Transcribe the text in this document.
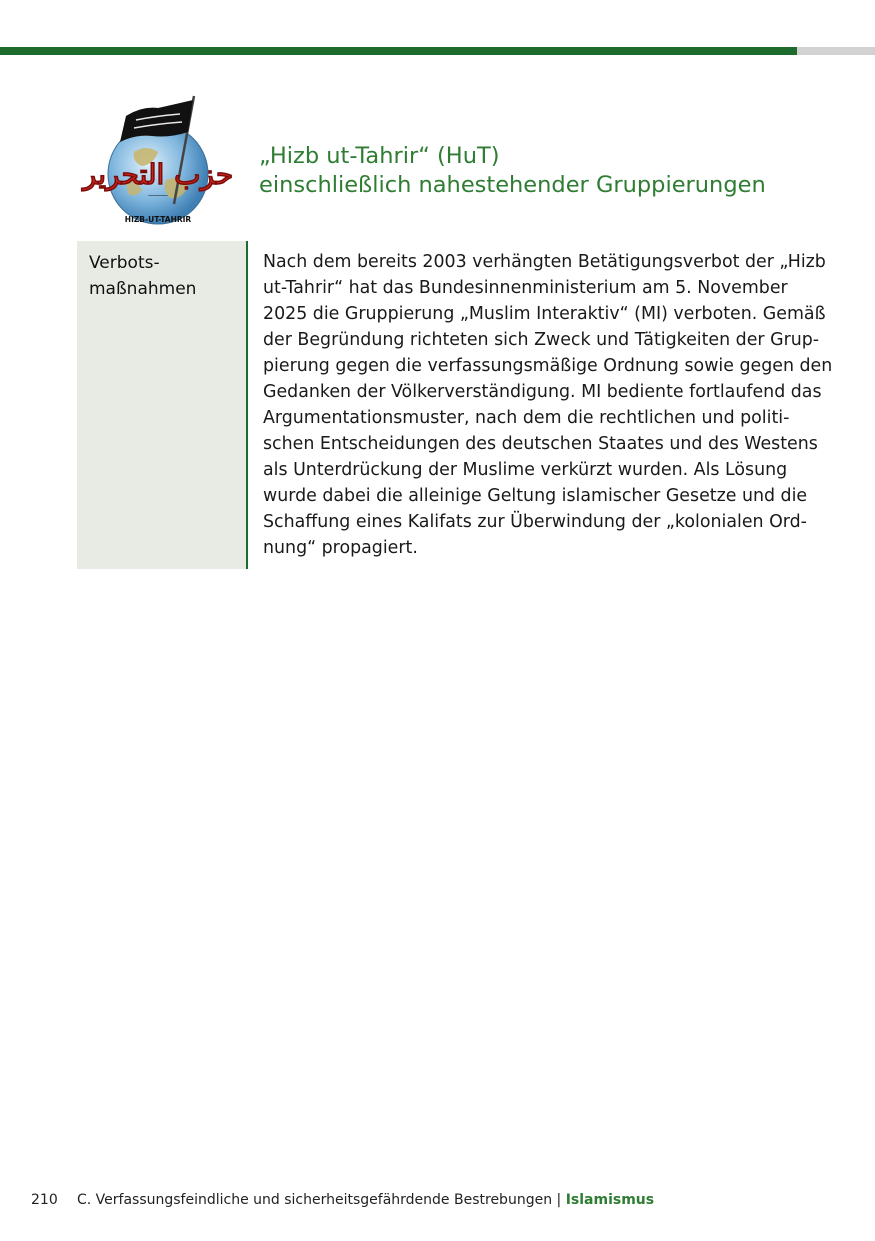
حزب التحرير
ـــــــــــ
HIZB-UT-TAHRIR
„Hizb ut-Tahrir“ (HuT)
einschließlich nahestehender Gruppierungen
Verbots-
maßnahmen
Nach dem bereits 2003 verhängten Betätigungsverbot der „Hizb
ut-Tahrir“ hat das Bundesinnenministerium am 5. November
2025 die Gruppierung „Muslim Interaktiv“ (MI) verboten. Gemäß
der Begründung richteten sich Zweck und Tätigkeiten der Grup-
pierung gegen die verfassungsmäßige Ordnung sowie gegen den
Gedanken der Völkerverständigung. MI bediente fortlaufend das
Argumentationsmuster, nach dem die rechtlichen und politi-
schen Entscheidungen des deutschen Staates und des Westens
als Unterdrückung der Muslime verkürzt wurden. Als Lösung
wurde dabei die alleinige Geltung islamischer Gesetze und die
Schaffung eines Kalifats zur Überwindung der „kolonialen Ord-
nung“ propagiert.
210 C. Verfassungsfeindliche und sicherheitsgefährdende Bestrebungen | Islamismus
